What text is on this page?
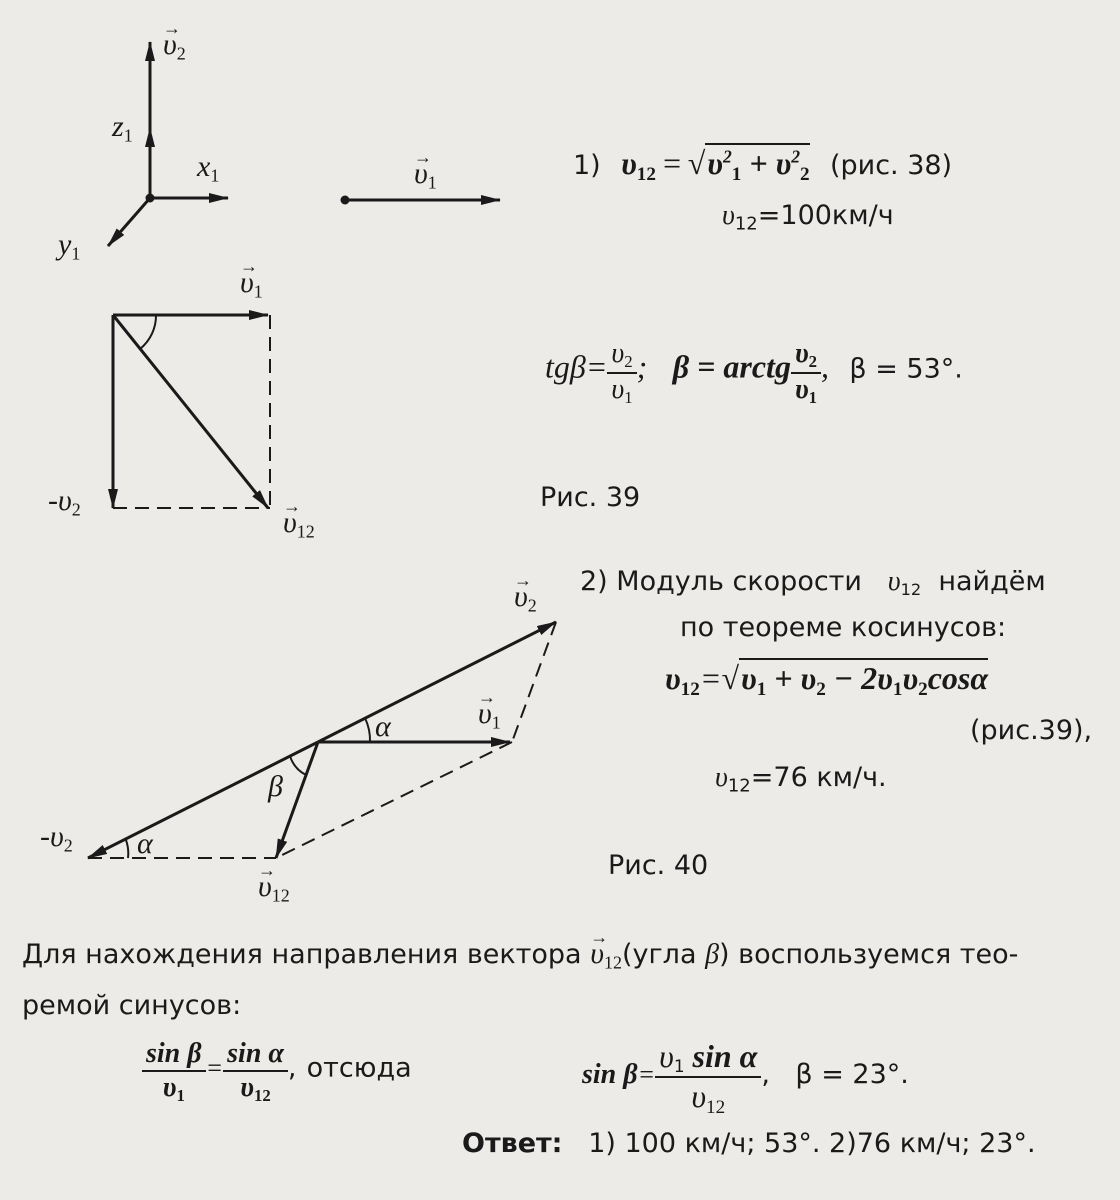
→ $\upsilon_2$
$z_1$
$x_1$
$y_1$
→ $\upsilon_1$
→ $\upsilon_1$
$-\upsilon_2$	→ $\upsilon_{12}$
→ $\upsilon_2$
α	→ $\upsilon_1$
β
$-\upsilon_2$ α
→ $\upsilon_{12}$
1) $\upsilon_{12} = √\upsilon^2_1 + \upsilon^2_2$ (рис. 38)
υ12=100км/ч
$tg\beta= \frac{\upsilon_2}{\upsilon_1}$ ; β = arctg $\frac{\upsilon_2}{\upsilon_1}$ , β = 53°.
Рис. 39
2) Модуль скорости $\upsilon_{12}$ найдём
по теореме косинусов:
$\upsilon_{12}=√\upsilon_1 + \upsilon_2 - 2\upsilon_1\upsilon_2\cos\alpha$
(рис.39),
υ12=76 км/ч.
Рис. 40
Для нахождения направления вектора → $\upsilon_{12}(угла$ β) воспользуемся тео-
ремой синусов:
$\frac{\text{sin β}}{\upsilon_1} = \frac{\text{sin α}}{\upsilon_{12}}$ , отсюда	$\sin \beta= \frac{\upsilon_1 \sin \alpha}{\upsilon_{12}}$ , β = 23°.
Ответ: 1) 100 км/ч; 53°. 2)76 км/ч; 23°.
